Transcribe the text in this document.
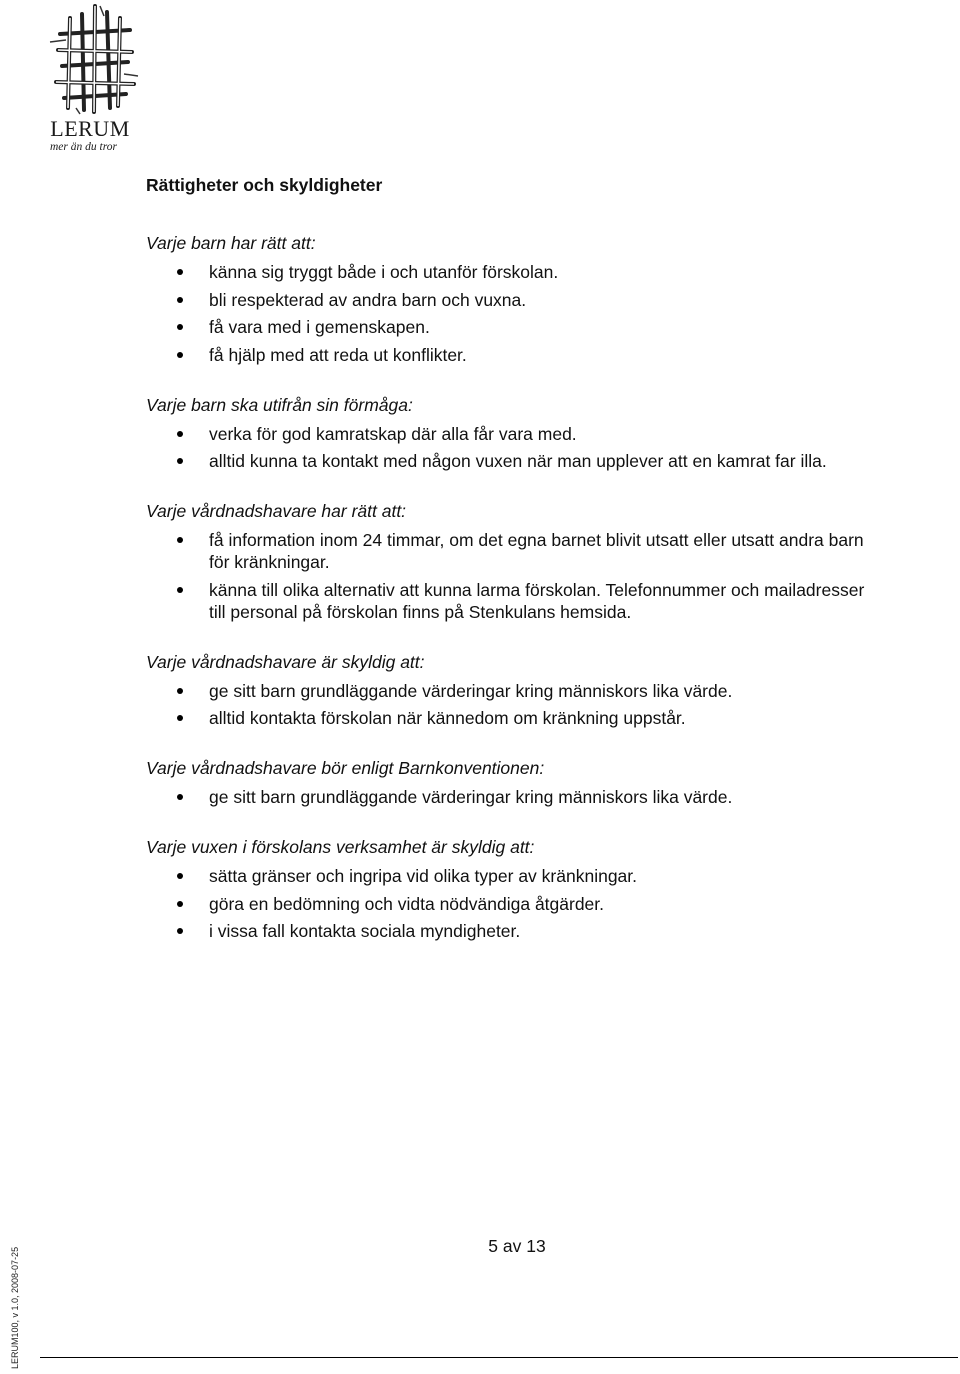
LERUM
mer än du tror
Rättigheter och skyldigheter
Varje barn har rätt att:
känna sig tryggt både i och utanför förskolan.
bli respekterad av andra barn och vuxna.
få vara med i gemenskapen.
få hjälp med att reda ut konflikter.
Varje barn ska utifrån sin förmåga:
verka för god kamratskap där alla får vara med.
alltid kunna ta kontakt med någon vuxen när man upplever att en kamrat far illa.
Varje vårdnadshavare har rätt att:
få information inom 24 timmar, om det egna barnet blivit utsatt eller utsatt andra barn för kränkningar.
känna till olika alternativ att kunna larma förskolan. Telefonnummer och mailadresser till personal på förskolan finns på Stenkulans hemsida.
Varje vårdnadshavare är skyldig att:
ge sitt barn grundläggande värderingar kring människors lika värde.
alltid kontakta förskolan när kännedom om kränkning uppstår.
Varje vårdnadshavare bör enligt Barnkonventionen:
ge sitt barn grundläggande värderingar kring människors lika värde.
Varje vuxen i förskolans verksamhet är skyldig att:
sätta gränser och ingripa vid olika typer av kränkningar.
göra en bedömning och vidta nödvändiga åtgärder.
i vissa fall kontakta sociala myndigheter.
5 av 13
LERUM100, v 1.0, 2008-07-25
